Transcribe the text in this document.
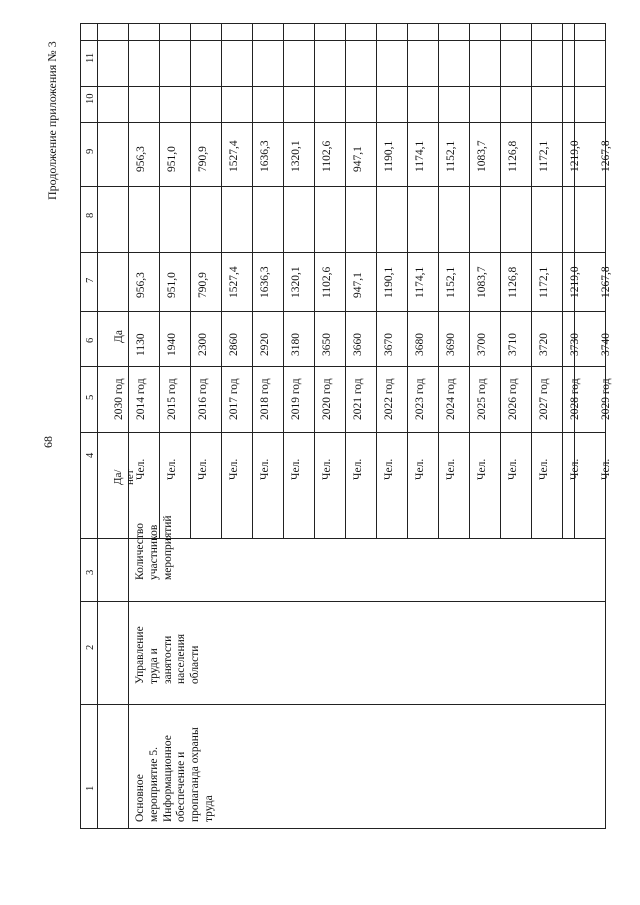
68
Продолжение приложения № 3
Да/
нет
2030 год
Да
Основное
мероприятие 5.
Информационное
обеспечение и
пропаганда охраны
труда
Управление
труда и
занятости
населения
области
Количество
участников
мероприятий
1
2
3
4
5
6
7
8
9
10
11
Чел.
2014 год
1130
956,3
956,3
Чел.
2015 год
1940
951,0
951,0
Чел.
2016 год
2300
790,9
790,9
Чел.
2017 год
2860
1527,4
1527,4
Чел.
2018 год
2920
1636,3
1636,3
Чел.
2019 год
3180
1320,1
1320,1
Чел.
2020 год
3650
1102,6
1102,6
Чел.
2021 год
3660
947,1
947,1
Чел.
2022 год
3670
1190,1
1190,1
Чел.
2023 год
3680
1174,1
1174,1
Чел.
2024 год
3690
1152,1
1152,1
Чел.
2025 год
3700
1083,7
1083,7
Чел.
2026 год
3710
1126,8
1126,8
Чел.
2027 год
3720
1172,1
1172,1
Чел.
2028 год
3730
1219,0
1219,0
Чел.
2029 год
3740
1267,8
1267,8
